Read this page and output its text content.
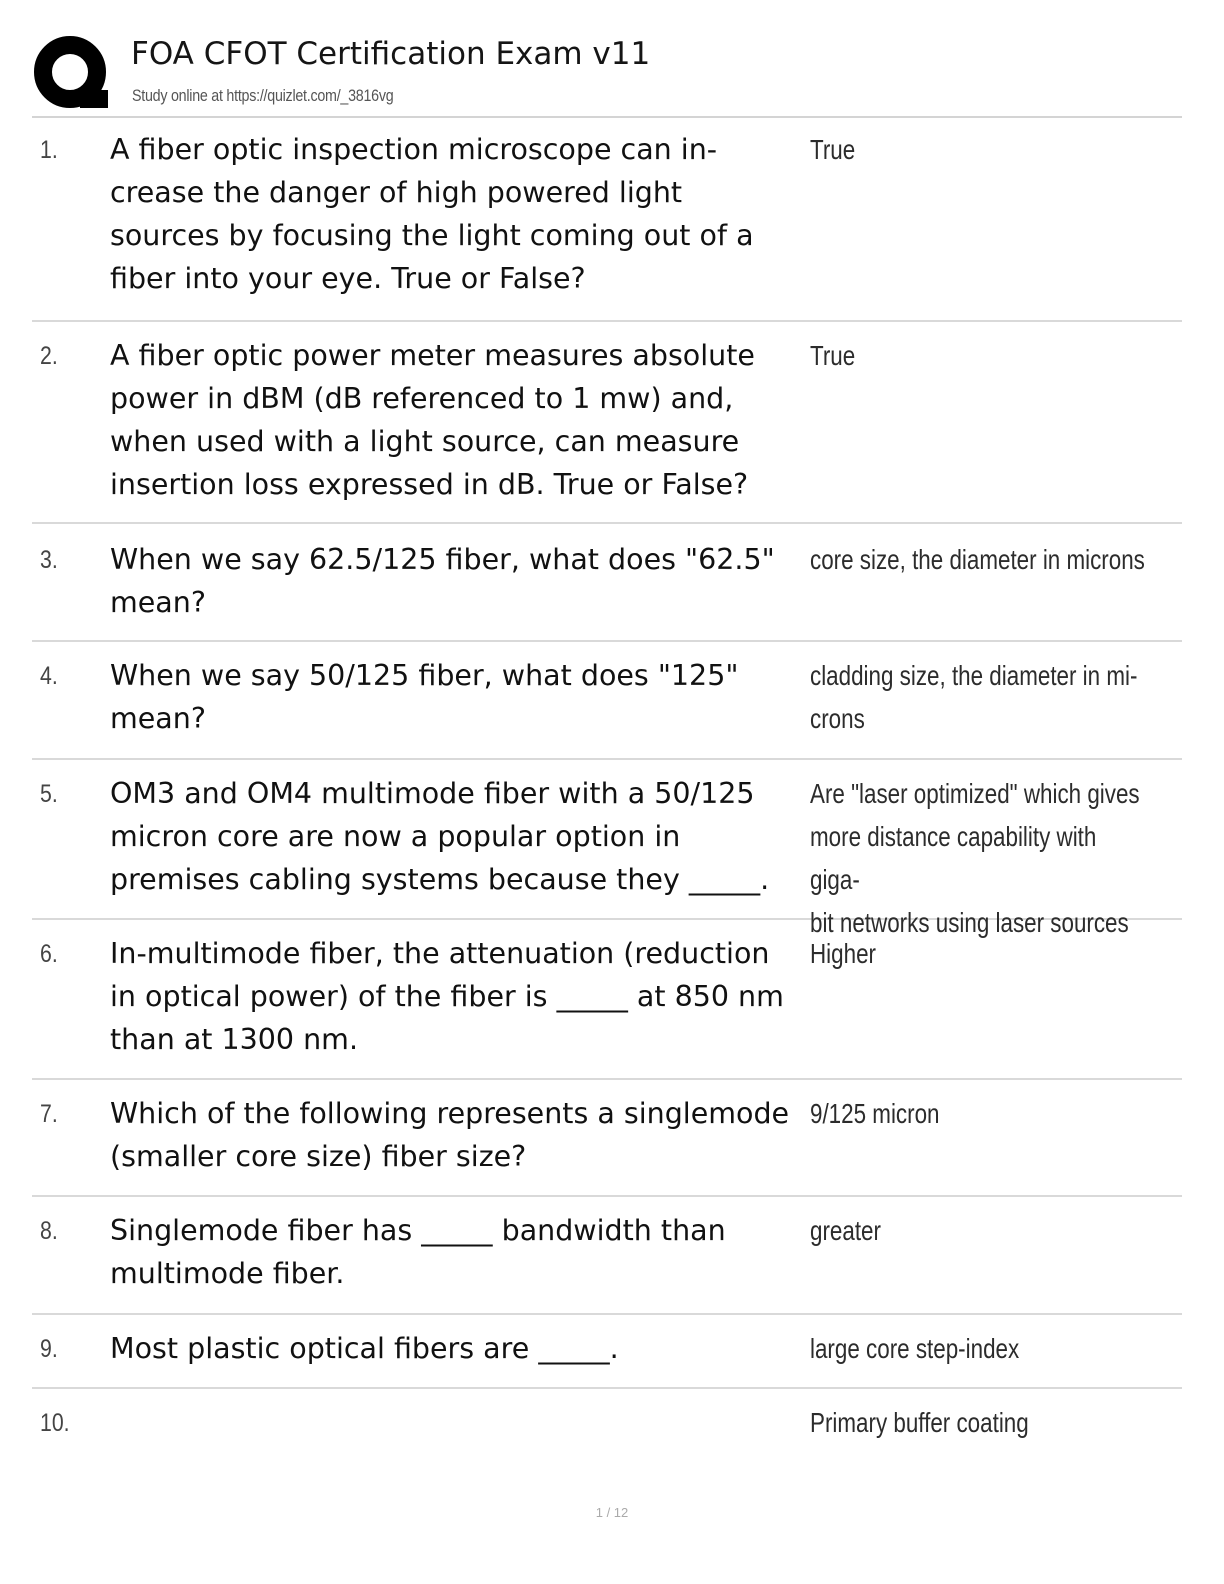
FOA CFOT Certification Exam v11
Study online at https://quizlet.com/_3816vg
1. A fiber optic inspection microscope can in-
crease the danger of high powered light
sources by focusing the light coming out of a
fiber into your eye. True or False?
True
2. A fiber optic power meter measures absolute
power in dBM (dB referenced to 1 mw) and,
when used with a light source, can measure
insertion loss expressed in dB. True or False?
True
3. When we say 62.5/125 fiber, what does "62.5"
mean?
core size, the diameter in microns
4. When we say 50/125 fiber, what does "125"
mean?
cladding size, the diameter in mi-
crons
5. OM3 and OM4 multimode fiber with a 50/125
micron core are now a popular option in
premises cabling systems because they _____.
Are "laser optimized" which gives
more distance capability with giga-
bit networks using laser sources
6. In-multimode fiber, the attenuation (reduction
in optical power) of the fiber is _____ at 850 nm
than at 1300 nm.
Higher
7. Which of the following represents a singlemode
(smaller core size) fiber size?
9/125 micron
8. Singlemode fiber has _____ bandwidth than
multimode fiber.
greater
9. Most plastic optical fibers are _____.	large core step-index
10.	Primary buffer coating
1 / 12
